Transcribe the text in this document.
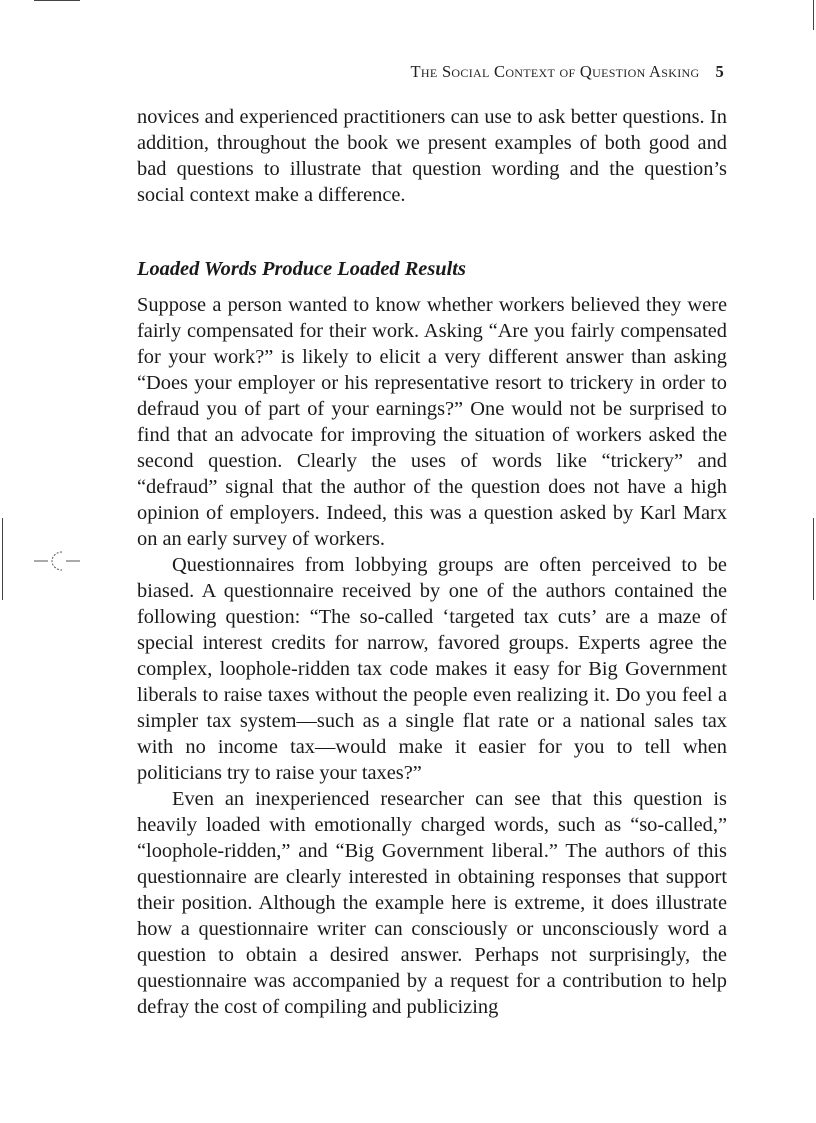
The Social Context of Question Asking 5

novices and experienced practitioners can use to ask better questions. In addition, throughout the book we present examples of both good and bad questions to illustrate that question wording and the question’s social context make a difference.

Loaded Words Produce Loaded Results

Suppose a person wanted to know whether workers believed they were fairly compensated for their work. Asking “Are you fairly compensated for your work?” is likely to elicit a very different answer than asking “Does your employer or his representative resort to trickery in order to defraud you of part of your earnings?” One would not be surprised to find that an advocate for improving the situation of workers asked the second question. Clearly the uses of words like “trickery” and “defraud” signal that the author of the question does not have a high opinion of employers. Indeed, this was a question asked by Karl Marx on an early survey of workers.

Questionnaires from lobbying groups are often perceived to be biased. A questionnaire received by one of the authors contained the following question: “The so-called ‘targeted tax cuts’ are a maze of special interest credits for narrow, favored groups. Experts agree the complex, loophole-ridden tax code makes it easy for Big Government liberals to raise taxes without the people even realizing it. Do you feel a simpler tax system—such as a single flat rate or a national sales tax with no income tax—would make it easier for you to tell when politicians try to raise your taxes?”

Even an inexperienced researcher can see that this question is heavily loaded with emotionally charged words, such as “so-called,” “loophole-ridden,” and “Big Government liberal.” The authors of this questionnaire are clearly interested in obtaining responses that support their position. Although the example here is extreme, it does illustrate how a questionnaire writer can consciously or unconsciously word a question to obtain a desired answer. Perhaps not surprisingly, the questionnaire was accompanied by a request for a contribution to help defray the cost of compiling and publicizing
